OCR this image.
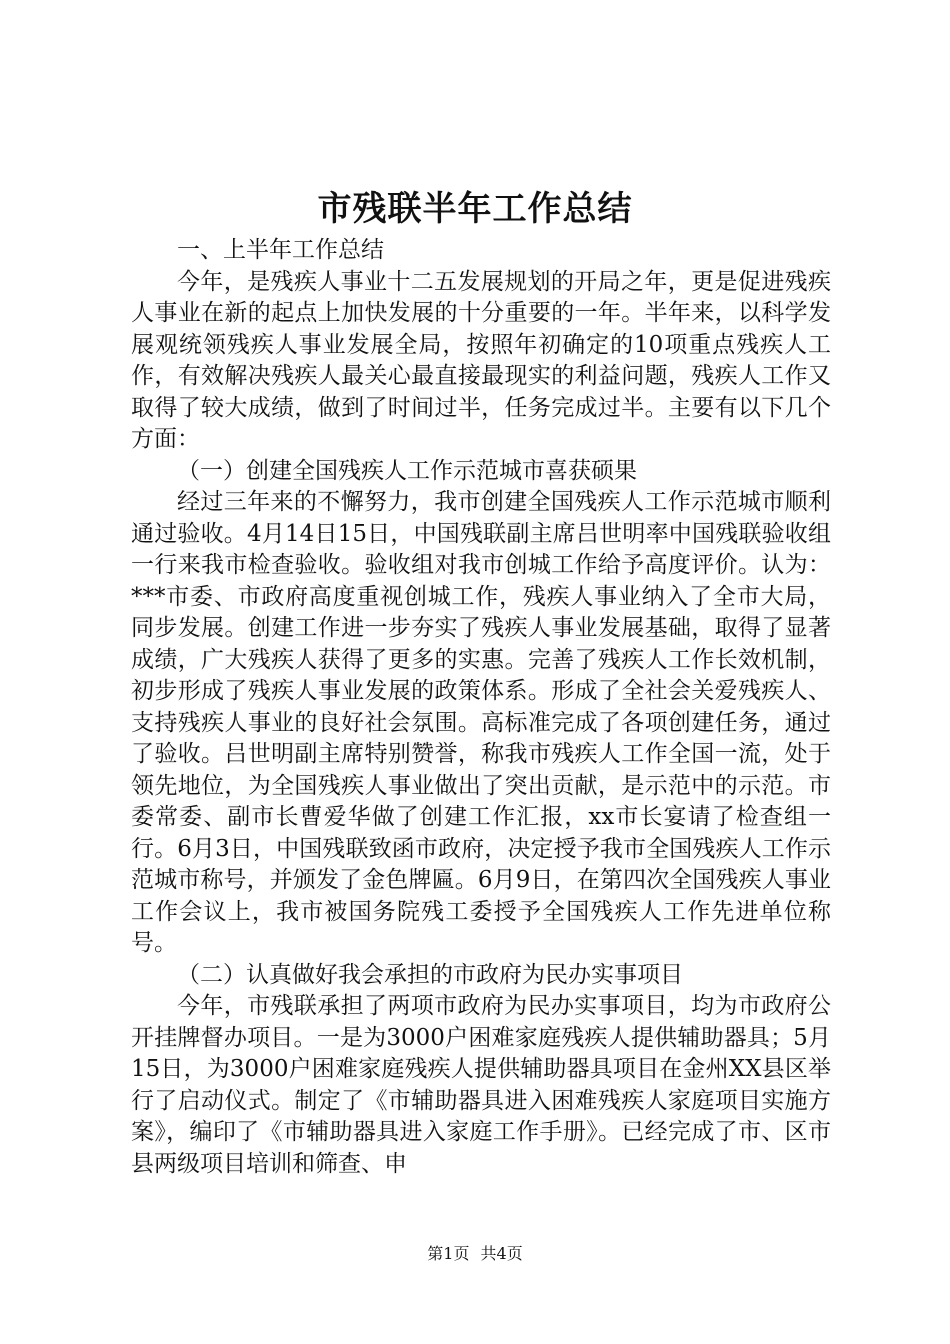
市残联半年工作总结

一、上半年工作总结

今年，是残疾人事业十二五发展规划的开局之年，更是促进残疾人事业在新的起点上加快发展的十分重要的一年。半年来，以科学发展观统领残疾人事业发展全局，按照年初确定的10项重点残疾人工作，有效解决残疾人最关心最直接最现实的利益问题，残疾人工作又取得了较大成绩，做到了时间过半，任务完成过半。主要有以下几个方面：

（一）创建全国残疾人工作示范城市喜获硕果

经过三年来的不懈努力，我市创建全国残疾人工作示范城市顺利通过验收。4月14日15日，中国残联副主席吕世明率中国残联验收组一行来我市检查验收。验收组对我市创城工作给予高度评价。认为：***市委、市政府高度重视创城工作，残疾人事业纳入了全市大局，同步发展。创建工作进一步夯实了残疾人事业发展基础，取得了显著成绩，广大残疾人获得了更多的实惠。完善了残疾人工作长效机制，初步形成了残疾人事业发展的政策体系。形成了全社会关爱残疾人、支持残疾人事业的良好社会氛围。高标准完成了各项创建任务，通过了验收。吕世明副主席特别赞誉，称我市残疾人工作全国一流，处于领先地位，为全国残疾人事业做出了突出贡献，是示范中的示范。市委常委、副市长曹爱华做了创建工作汇报，xx市长宴请了检查组一行。6月3日，中国残联致函市政府，决定授予我市全国残疾人工作示范城市称号，并颁发了金色牌匾。6月9日，在第四次全国残疾人事业工作会议上，我市被国务院残工委授予全国残疾人工作先进单位称号。

（二）认真做好我会承担的市政府为民办实事项目

今年，市残联承担了两项市政府为民办实事项目，均为市政府公开挂牌督办项目。一是为3000户困难家庭残疾人提供辅助器具；5月15日，为3000户困难家庭残疾人提供辅助器具项目在金州XX县区举行了启动仪式。制定了《市辅助器具进入困难残疾人家庭项目实施方案》，编印了《市辅助器具进入家庭工作手册》。已经完成了市、区市县两级项目培训和筛查、申

第1页 共4页
